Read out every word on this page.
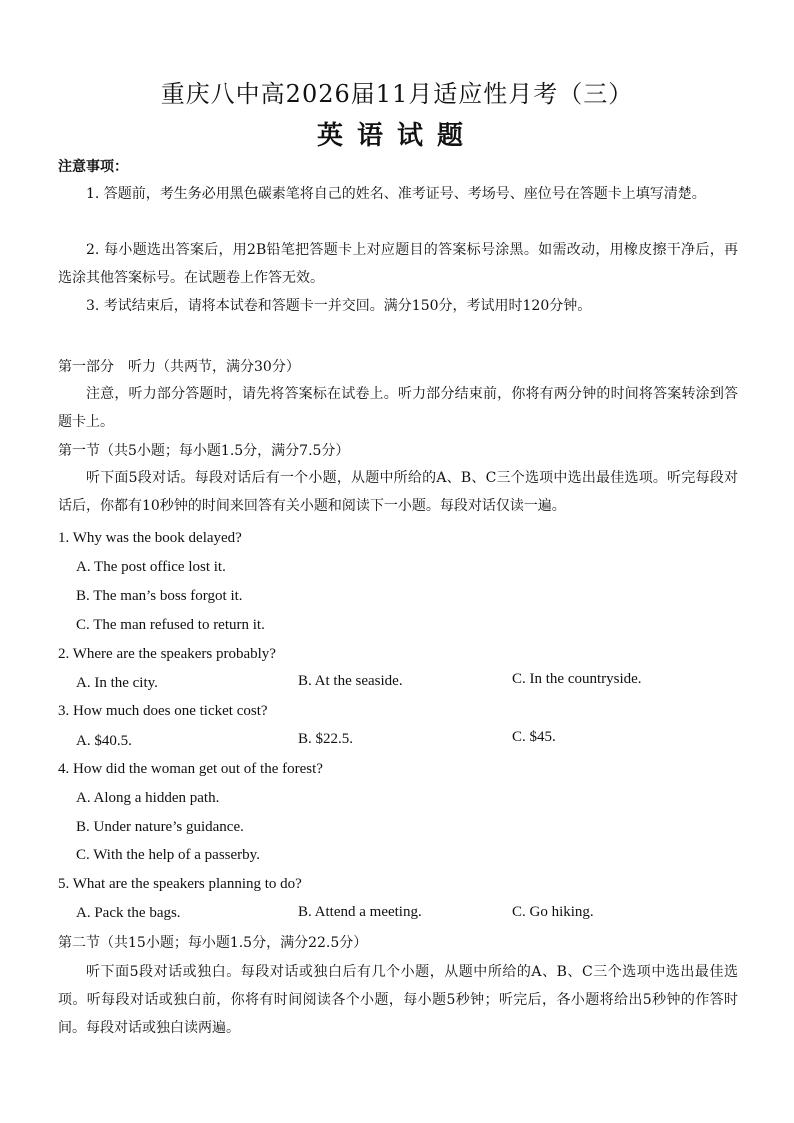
重庆八中高2026届11月适应性月考（三）
英语试题
注意事项：
1. 答题前，考生务必用黑色碳素笔将自己的姓名、准考证号、考场号、座位号在答题卡上填写清楚。
2. 每小题选出答案后，用2B铅笔把答题卡上对应题目的答案标号涂黑。如需改动，用橡皮擦干净后，再选涂其他答案标号。在试题卷上作答无效。
3. 考试结束后，请将本试卷和答题卡一并交回。满分150分，考试用时120分钟。
第一部分　听力（共两节，满分30分）
注意，听力部分答题时，请先将答案标在试卷上。听力部分结束前，你将有两分钟的时间将答案转涂到答题卡上。
第一节（共5小题；每小题1.5分，满分7.5分）
听下面5段对话。每段对话后有一个小题，从题中所给的A、B、C三个选项中选出最佳选项。听完每段对话后，你都有10秒钟的时间来回答有关小题和阅读下一小题。每段对话仅读一遍。
1. Why was the book delayed?
A. The post office lost it.
B. The man’s boss forgot it.
C. The man refused to return it.
2. Where are the speakers probably?
A. In the city.	B. At the seaside.	C. In the countryside.
3. How much does one ticket cost?
A. $40.5.	B. $22.5.	C. $45.
4. How did the woman get out of the forest?
A. Along a hidden path.
B. Under nature’s guidance.
C. With the help of a passerby.
5. What are the speakers planning to do?
A. Pack the bags.	B. Attend a meeting.	C. Go hiking.
第二节（共15小题；每小题1.5分，满分22.5分）
听下面5段对话或独白。每段对话或独白后有几个小题，从题中所给的A、B、C三个选项中选出最佳选项。听每段对话或独白前，你将有时间阅读各个小题，每小题5秒钟；听完后，各小题将给出5秒钟的作答时间。每段对话或独白读两遍。
